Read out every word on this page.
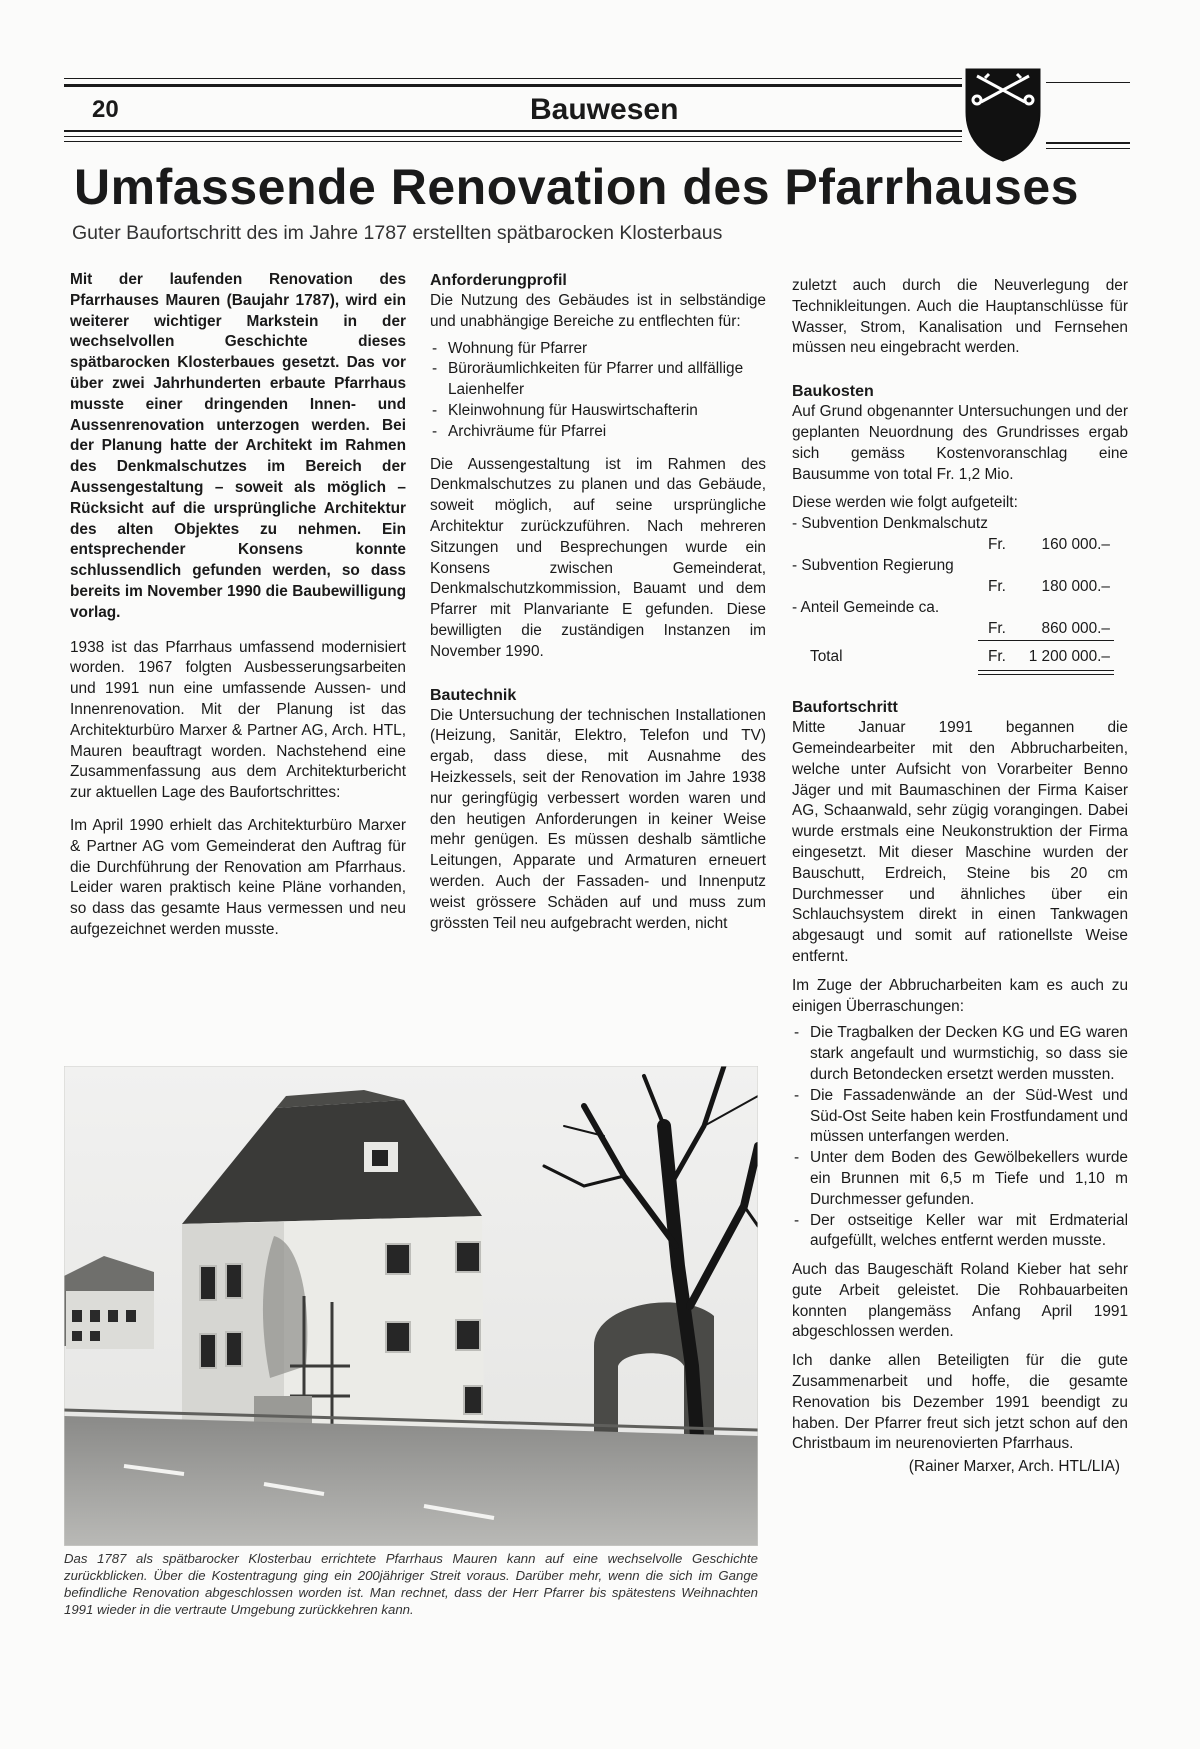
20	Bauwesen
Umfassende Renovation des Pfarrhauses
Guter Baufortschritt des im Jahre 1787 erstellten spätbarocken Klosterbaus

Mit der laufenden Renovation des Pfarrhauses Mauren (Baujahr 1787), wird ein weiterer wichtiger Markstein in der wechselvollen Geschichte dieses spätbarocken Klosterbaues gesetzt. Das vor über zwei Jahrhunderten erbaute Pfarrhaus musste einer dringenden Innen- und Aussenrenovation unterzogen werden. Bei der Planung hatte der Architekt im Rahmen des Denkmalschutzes im Bereich der Aussengestaltung – soweit als möglich – Rücksicht auf die ursprüngliche Architektur des alten Objektes zu nehmen. Ein entsprechender Konsens konnte schlussendlich gefunden werden, so dass bereits im November 1990 die Baubewilligung vorlag.

1938 ist das Pfarrhaus umfassend modernisiert worden. 1967 folgten Ausbesserungsarbeiten und 1991 nun eine umfassende Aussen- und Innenrenovation. Mit der Planung ist das Architekturbüro Marxer & Partner AG, Arch. HTL, Mauren beauftragt worden. Nachstehend eine Zusammenfassung aus dem Architekturbericht zur aktuellen Lage des Baufortschrittes:

Im April 1990 erhielt das Architekturbüro Marxer & Partner AG vom Gemeinderat den Auftrag für die Durchführung der Renovation am Pfarrhaus. Leider waren praktisch keine Pläne vorhanden, so dass das gesamte Haus vermessen und neu aufgezeichnet werden musste.

Anforderungprofil

Die Nutzung des Gebäudes ist in selbständige und unabhängige Bereiche zu entflechten für:

- Wohnung für Pfarrer
- Büroräumlichkeiten für Pfarrer und allfällige Laienhelfer
- Kleinwohnung für Hauswirtschafterin
- Archivräume für Pfarrei

Die Aussengestaltung ist im Rahmen des Denkmalschutzes zu planen und das Gebäude, soweit möglich, auf seine ursprüngliche Architektur zurückzuführen. Nach mehreren Sitzungen und Besprechungen wurde ein Konsens zwischen Gemeinderat, Denkmalschutzkommission, Bauamt und dem Pfarrer mit Planvariante E gefunden. Diese bewilligten die zuständigen Instanzen im November 1990.

Bautechnik

Die Untersuchung der technischen Installationen (Heizung, Sanitär, Elektro, Telefon und TV) ergab, dass diese, mit Ausnahme des Heizkessels, seit der Renovation im Jahre 1938 nur geringfügig verbessert worden waren und den heutigen Anforderungen in keiner Weise mehr genügen. Es müssen deshalb sämtliche Leitungen, Apparate und Armaturen erneuert werden. Auch der Fassaden- und Innenputz weist grössere Schäden auf und muss zum grössten Teil neu aufgebracht werden, nicht

zuletzt auch durch die Neuverlegung der Technikleitungen. Auch die Hauptanschlüsse für Wasser, Strom, Kanalisation und Fernsehen müssen neu eingebracht werden.

Baukosten

Auf Grund obgenannter Untersuchungen und der geplanten Neuordnung des Grundrisses ergab sich gemäss Kostenvoranschlag eine Bausumme von total Fr. 1,2 Mio.

Diese werden wie folgt aufgeteilt:

- Subvention Denkmalschutz
Fr.	160 000.–
- Subvention Regierung
Fr.	180 000.–
- Anteil Gemeinde ca.
Fr.	860 000.–
Total	Fr.	1 200 000.–
Baufortschritt

Mitte Januar 1991 begannen die Gemeindearbeiter mit den Abbrucharbeiten, welche unter Aufsicht von Vorarbeiter Benno Jäger und mit Baumaschinen der Firma Kaiser AG, Schaanwald, sehr zügig vorangingen. Dabei wurde erstmals eine Neukonstruktion der Firma eingesetzt. Mit dieser Maschine wurden der Bauschutt, Erdreich, Steine bis 20 cm Durchmesser und ähnliches über ein Schlauchsystem direkt in einen Tankwagen abgesaugt und somit auf rationellste Weise entfernt.

Im Zuge der Abbrucharbeiten kam es auch zu einigen Überraschungen:

- Die Tragbalken der Decken KG und EG waren stark angefault und wurmstichig, so dass sie durch Betondecken ersetzt werden mussten.
- Die Fassadenwände an der Süd-West und Süd-Ost Seite haben kein Frostfundament und müssen unterfangen werden.
- Unter dem Boden des Gewölbekellers wurde ein Brunnen mit 6,5 m Tiefe und 1,10 m Durchmesser gefunden.
- Der ostseitige Keller war mit Erdmaterial aufgefüllt, welches entfernt werden musste.

Auch das Baugeschäft Roland Kieber hat sehr gute Arbeit geleistet. Die Rohbauarbeiten konnten plangemäss Anfang April 1991 abgeschlossen werden.

Ich danke allen Beteiligten für die gute Zusammenarbeit und hoffe, die gesamte Renovation bis Dezember 1991 beendigt zu haben. Der Pfarrer freut sich jetzt schon auf den Christbaum im neurenovierten Pfarrhaus.

(Rainer Marxer, Arch. HTL/LIA)
Das 1787 als spätbarocker Klosterbau errichtete Pfarrhaus Mauren kann auf eine wechselvolle Geschichte zurückblicken. Über die Kostentragung ging ein 200jähriger Streit voraus. Darüber mehr, wenn die sich im Gange befindliche Renovation abgeschlossen worden ist. Man rechnet, dass der Herr Pfarrer bis spätestens Weihnachten 1991 wieder in die vertraute Umgebung zurückkehren kann.
